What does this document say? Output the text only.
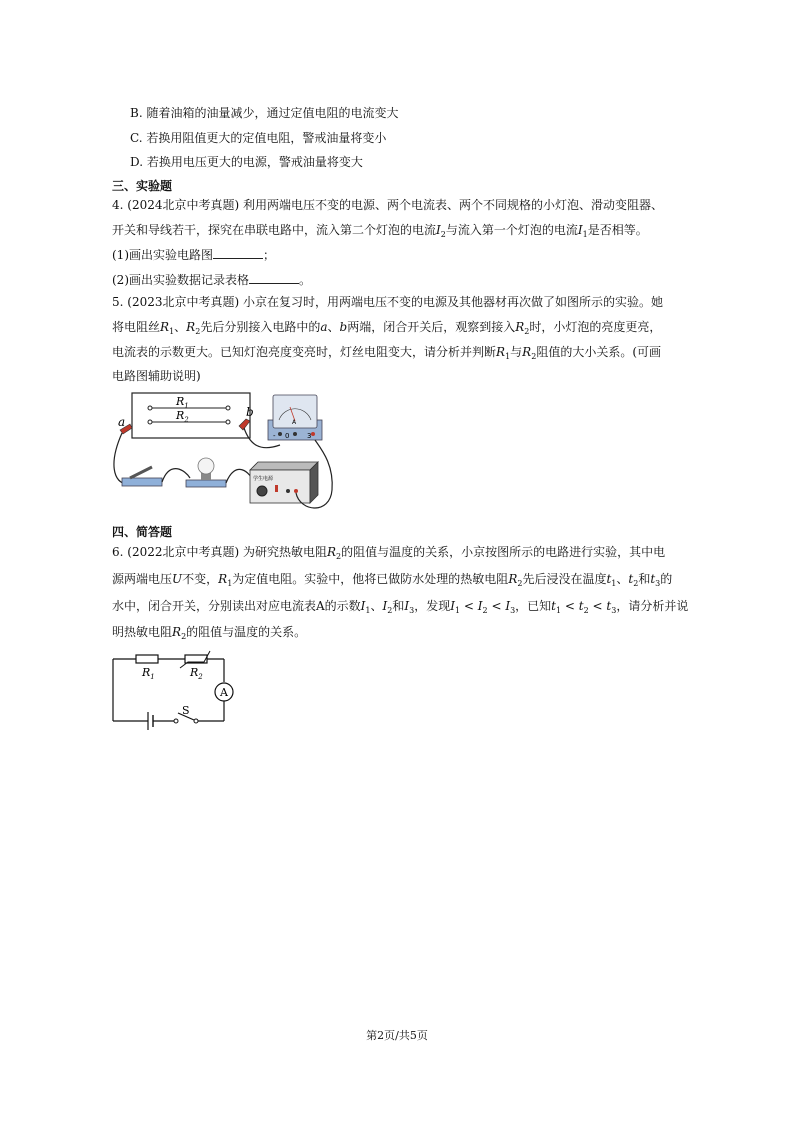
B. 随着油箱的油量减少，通过定值电阻的电流变大
C. 若换用阻值更大的定值电阻，警戒油量将变小
D. 若换用电压更大的电源，警戒油量将变大
三、实验题
4. (2024北京中考真题) 利用两端电压不变的电源、两个电流表、两个不同规格的小灯泡、滑动变阻器、
开关和导线若干，探究在串联电路中，流入第二个灯泡的电流$I_2$与流入第一个灯泡的电流$I_1$是否相等。
(1)画出实验电路图	；
(2)画出实验数据记录表格	。
5. (2023北京中考真题) 小京在复习时，用两端电压不变的电源及其他器材再次做了如图所示的实验。她
将电阻丝$R_1$、$R_2$先后分别接入电路中的a、b两端，闭合开关后，观察到接入$R_2$时，小灯泡的亮度更亮，
电流表的示数更大。已知灯泡亮度变亮时，灯丝电阻变大，请分析并判断$R_1$与$R_2$阻值的大小关系。(可画
电路图辅助说明)
$R_1$
$R_2$
a
b
A
- 0	3
学生电源
四、简答题
6. (2022北京中考真题) 为研究热敏电阻$R_2$的阻值与温度的关系，小京按图所示的电路进行实验，其中电
源两端电压U不变，$R_1$为定值电阻。实验中，他将已做防水处理的热敏电阻$R_2$先后浸没在温度$t_1$、$t_2$和$t_3$的
水中，闭合开关，分别读出对应电流表A的示数$I_1$、$I_2$和$I_3$，发现$I_1 < I_2 < I_3$，已知$t_1 < t_2 < t_3$，请分析并说
明热敏电阻$R_2$的阻值与温度的关系。
A
S
$R_1$	$R_2$
第2页/共5页
